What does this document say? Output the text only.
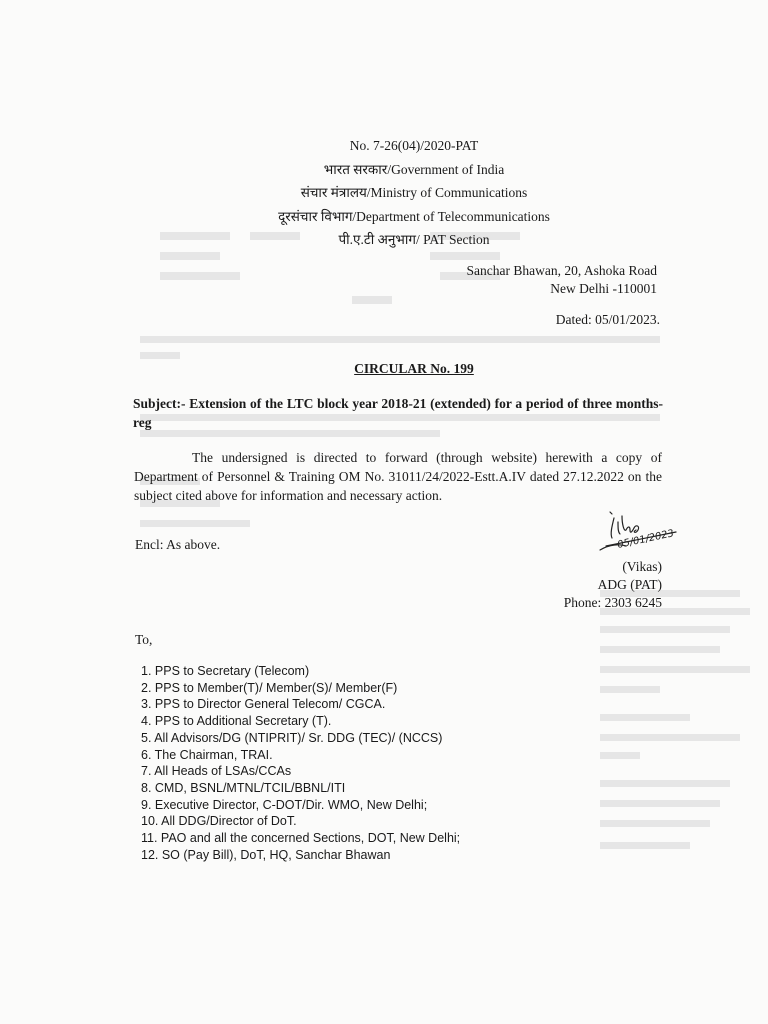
No. 7-26(04)/2020-PAT
भारत सरकार/Government of India
संचार मंत्रालय/Ministry of Communications
दूरसंचार विभाग/Department of Telecommunications
पी.ए.टी अनुभाग/ PAT Section
Sanchar Bhawan, 20, Ashoka Road
New Delhi -110001
Dated: 05/01/2023.
CIRCULAR No. 199
Subject:- Extension of the LTC block year 2018-21 (extended) for a period of three months-reg
The undersigned is directed to forward (through website) herewith a copy of Department of Personnel & Training OM No. 31011/24/2022-Estt.A.IV dated 27.12.2022 on the subject cited above for information and necessary action.
Encl: As above.	05/01/2023
(Vikas)
ADG (PAT)
Phone: 2303 6245
To,
1. PPS to Secretary (Telecom)
2. PPS to Member(T)/ Member(S)/ Member(F)
3. PPS to Director General Telecom/ CGCA.
4. PPS to Additional Secretary (T).
5. All Advisors/DG (NTIPRIT)/ Sr. DDG (TEC)/ (NCCS)
6. The Chairman, TRAI.
7. All Heads of LSAs/CCAs
8. CMD, BSNL/MTNL/TCIL/BBNL/ITI
9. Executive Director, C-DOT/Dir. WMO, New Delhi;
10. All DDG/Director of DoT.
11. PAO and all the concerned Sections, DOT, New Delhi;
12. SO (Pay Bill), DoT, HQ, Sanchar Bhawan
